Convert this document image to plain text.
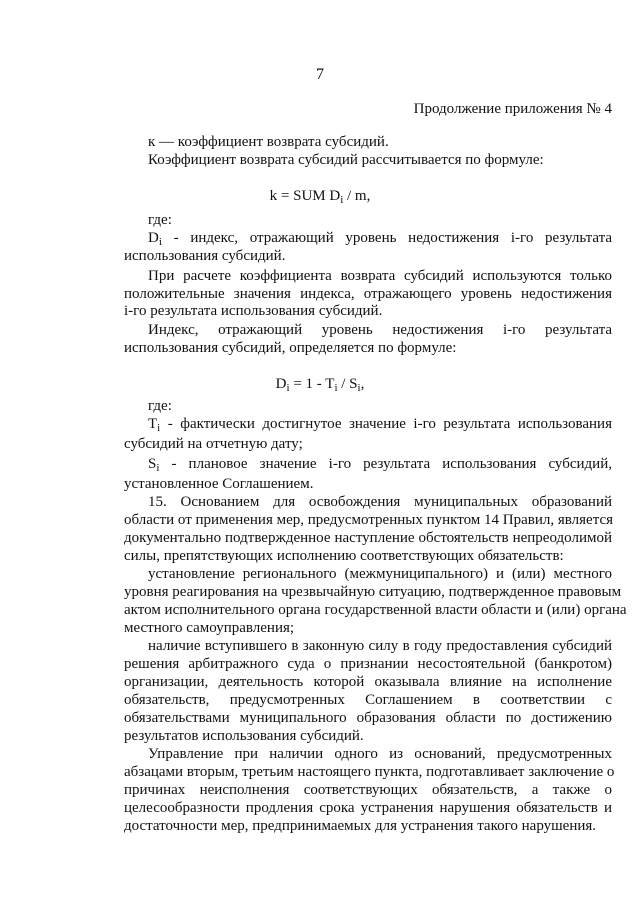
7
Продолжение приложения № 4
к — коэффициент возврата субсидий.
Коэффициент возврата субсидий рассчитывается по формуле:
k = SUM $D_i$ / m,
где:
$D_i$ - индекс, отражающий уровень недостижения i-го результата
использования субсидий.
При расчете коэффициента возврата субсидий используются только
положительные значения индекса, отражающего уровень недостижения
i-го результата использования субсидий.
Индекс, отражающий уровень недостижения i-го результата
использования субсидий, определяется по формуле:
$D_i = 1 - T_i / S_i$,
где:
$T_i$ - фактически достигнутое значение i-го результата использования
субсидий на отчетную дату;
$S_i$ - плановое значение i-го результата использования субсидий,
установленное Соглашением.
15. Основанием для освобождения муниципальных образований
области от применения мер, предусмотренных пунктом 14 Правил, является
документально подтвержденное наступление обстоятельств непреодолимой
силы, препятствующих исполнению соответствующих обязательств:
установление регионального (межмуниципального) и (или) местного
уровня реагирования на чрезвычайную ситуацию, подтвержденное правовым
актом исполнительного органа государственной власти области и (или) органа
местного самоуправления;
наличие вступившего в законную силу в году предоставления субсидий
решения арбитражного суда о признании несостоятельной (банкротом)
организации, деятельность которой оказывала влияние на исполнение
обязательств, предусмотренных Соглашением в соответствии с
обязательствами муниципального образования области по достижению
результатов использования субсидий.
Управление при наличии одного из оснований, предусмотренных
абзацами вторым, третьим настоящего пункта, подготавливает заключение о
причинах неисполнения соответствующих обязательств, а также о
целесообразности продления срока устранения нарушения обязательств и
достаточности мер, предпринимаемых для устранения такого нарушения.
